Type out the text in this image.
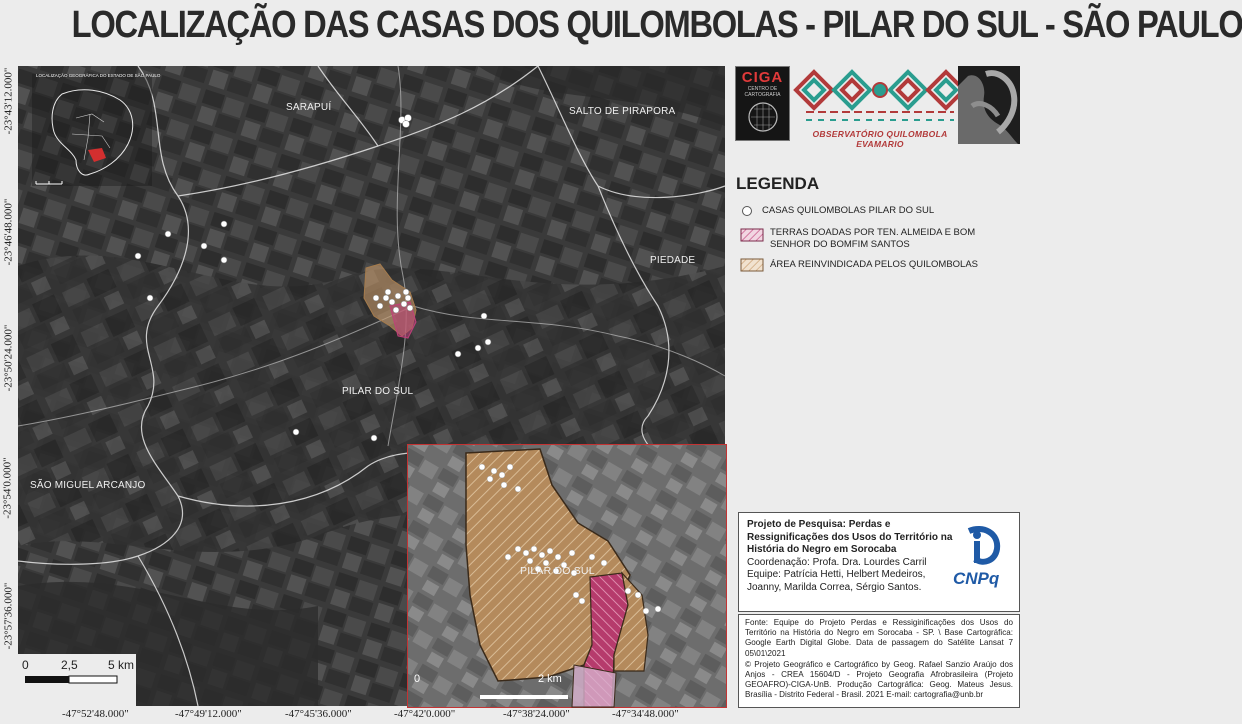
LOCALIZAÇÃO DAS CASAS DOS QUILOMBOLAS - PILAR DO SUL - SÃO PAULO
-23°43'12.000"
-23°46'48.000"
-23°50'24.000"
-23°54'0.000"
-23°57'36.000"
-47°52'48.000"	-47°49'12.000"	-47°45'36.000"	-47°42'0.000"	-47°38'24.000"	-47°34'48.000"
LOCALIZAÇÃO GEOGRÁFICA DO ESTADO DE SÃO PAULO
SARAPUÍ	SALTO DE PIRAPORA
PIEDADE
PILAR DO SUL
SÃO MIGUEL ARCANJO
PILAR DO SUL
0	2 km
0	2,5	5 km
CIGA
CENTRO DE CARTOGRAFIA
OBSERVATÓRIO QUILOMBOLA EVAMARIO
LEGENDA
CASAS QUILOMBOLAS PILAR DO SUL
TERRAS DOADAS POR TEN. ALMEIDA E BOM SENHOR DO BOMFIM SANTOS
ÁREA REINVINDICADA PELOS QUILOMBOLAS
Projeto de Pesquisa: Perdas e Ressignificações dos Usos do Território na História do Negro em Sorocaba
Coordenação: Profa. Dra. Lourdes Carril
Equipe: Patrícia Hetti, Helbert Medeiros, Joanny, Marilda Correa, Sérgio Santos.	CNPq

Fonte: Equipe do Projeto Perdas e Ressiginificações dos Usos do Território na História do Negro em Sorocaba - SP. \ Base Cartográfica: Google Earth Digital Globe. Data de passagem do Satélite Lansat 7 05\01\2021

© Projeto Geográfico e Cartográfico by Geog. Rafael Sanzio Araújo dos Anjos - CREA 15604/D - Projeto Geografia Afrobrasileira (Projeto GEOAFRO)-CIGA-UnB. Produção Cartográfica: Geog. Mateus Jesus. Brasília - Distrito Federal - Brasil. 2021 E-mail: cartografia@unb.br
